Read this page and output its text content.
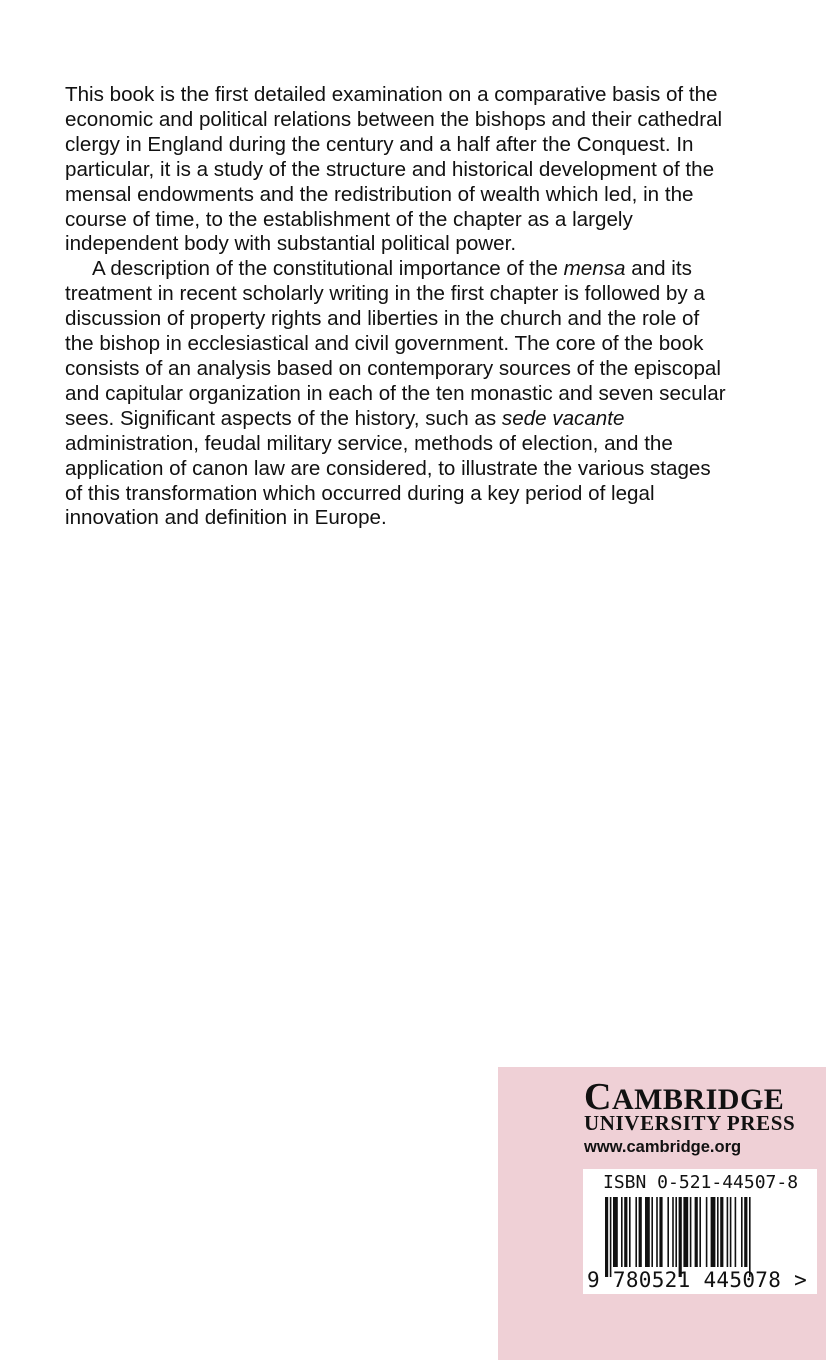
This book is the first detailed examination on a comparative basis of the
economic and political relations between the bishops and their cathedral
clergy in England during the century and a half after the Conquest. In
particular, it is a study of the structure and historical development of the
mensal endowments and the redistribution of wealth which led, in the
course of time, to the establishment of the chapter as a largely
independent body with substantial political power.
A description of the constitutional importance of the mensa and its
treatment in recent scholarly writing in the first chapter is followed by a
discussion of property rights and liberties in the church and the role of
the bishop in ecclesiastical and civil government. The core of the book
consists of an analysis based on contemporary sources of the episcopal
and capitular organization in each of the ten monastic and seven secular
sees. Significant aspects of the history, such as sede vacante
administration, feudal military service, methods of election, and the
application of canon law are considered, to illustrate the various stages
of this transformation which occurred during a key period of legal
innovation and definition in Europe.
CAMBRIDGE
UNIVERSITY PRESS
www.cambridge.org
ISBN 0-521-44507-8
9 780521 445078 >
